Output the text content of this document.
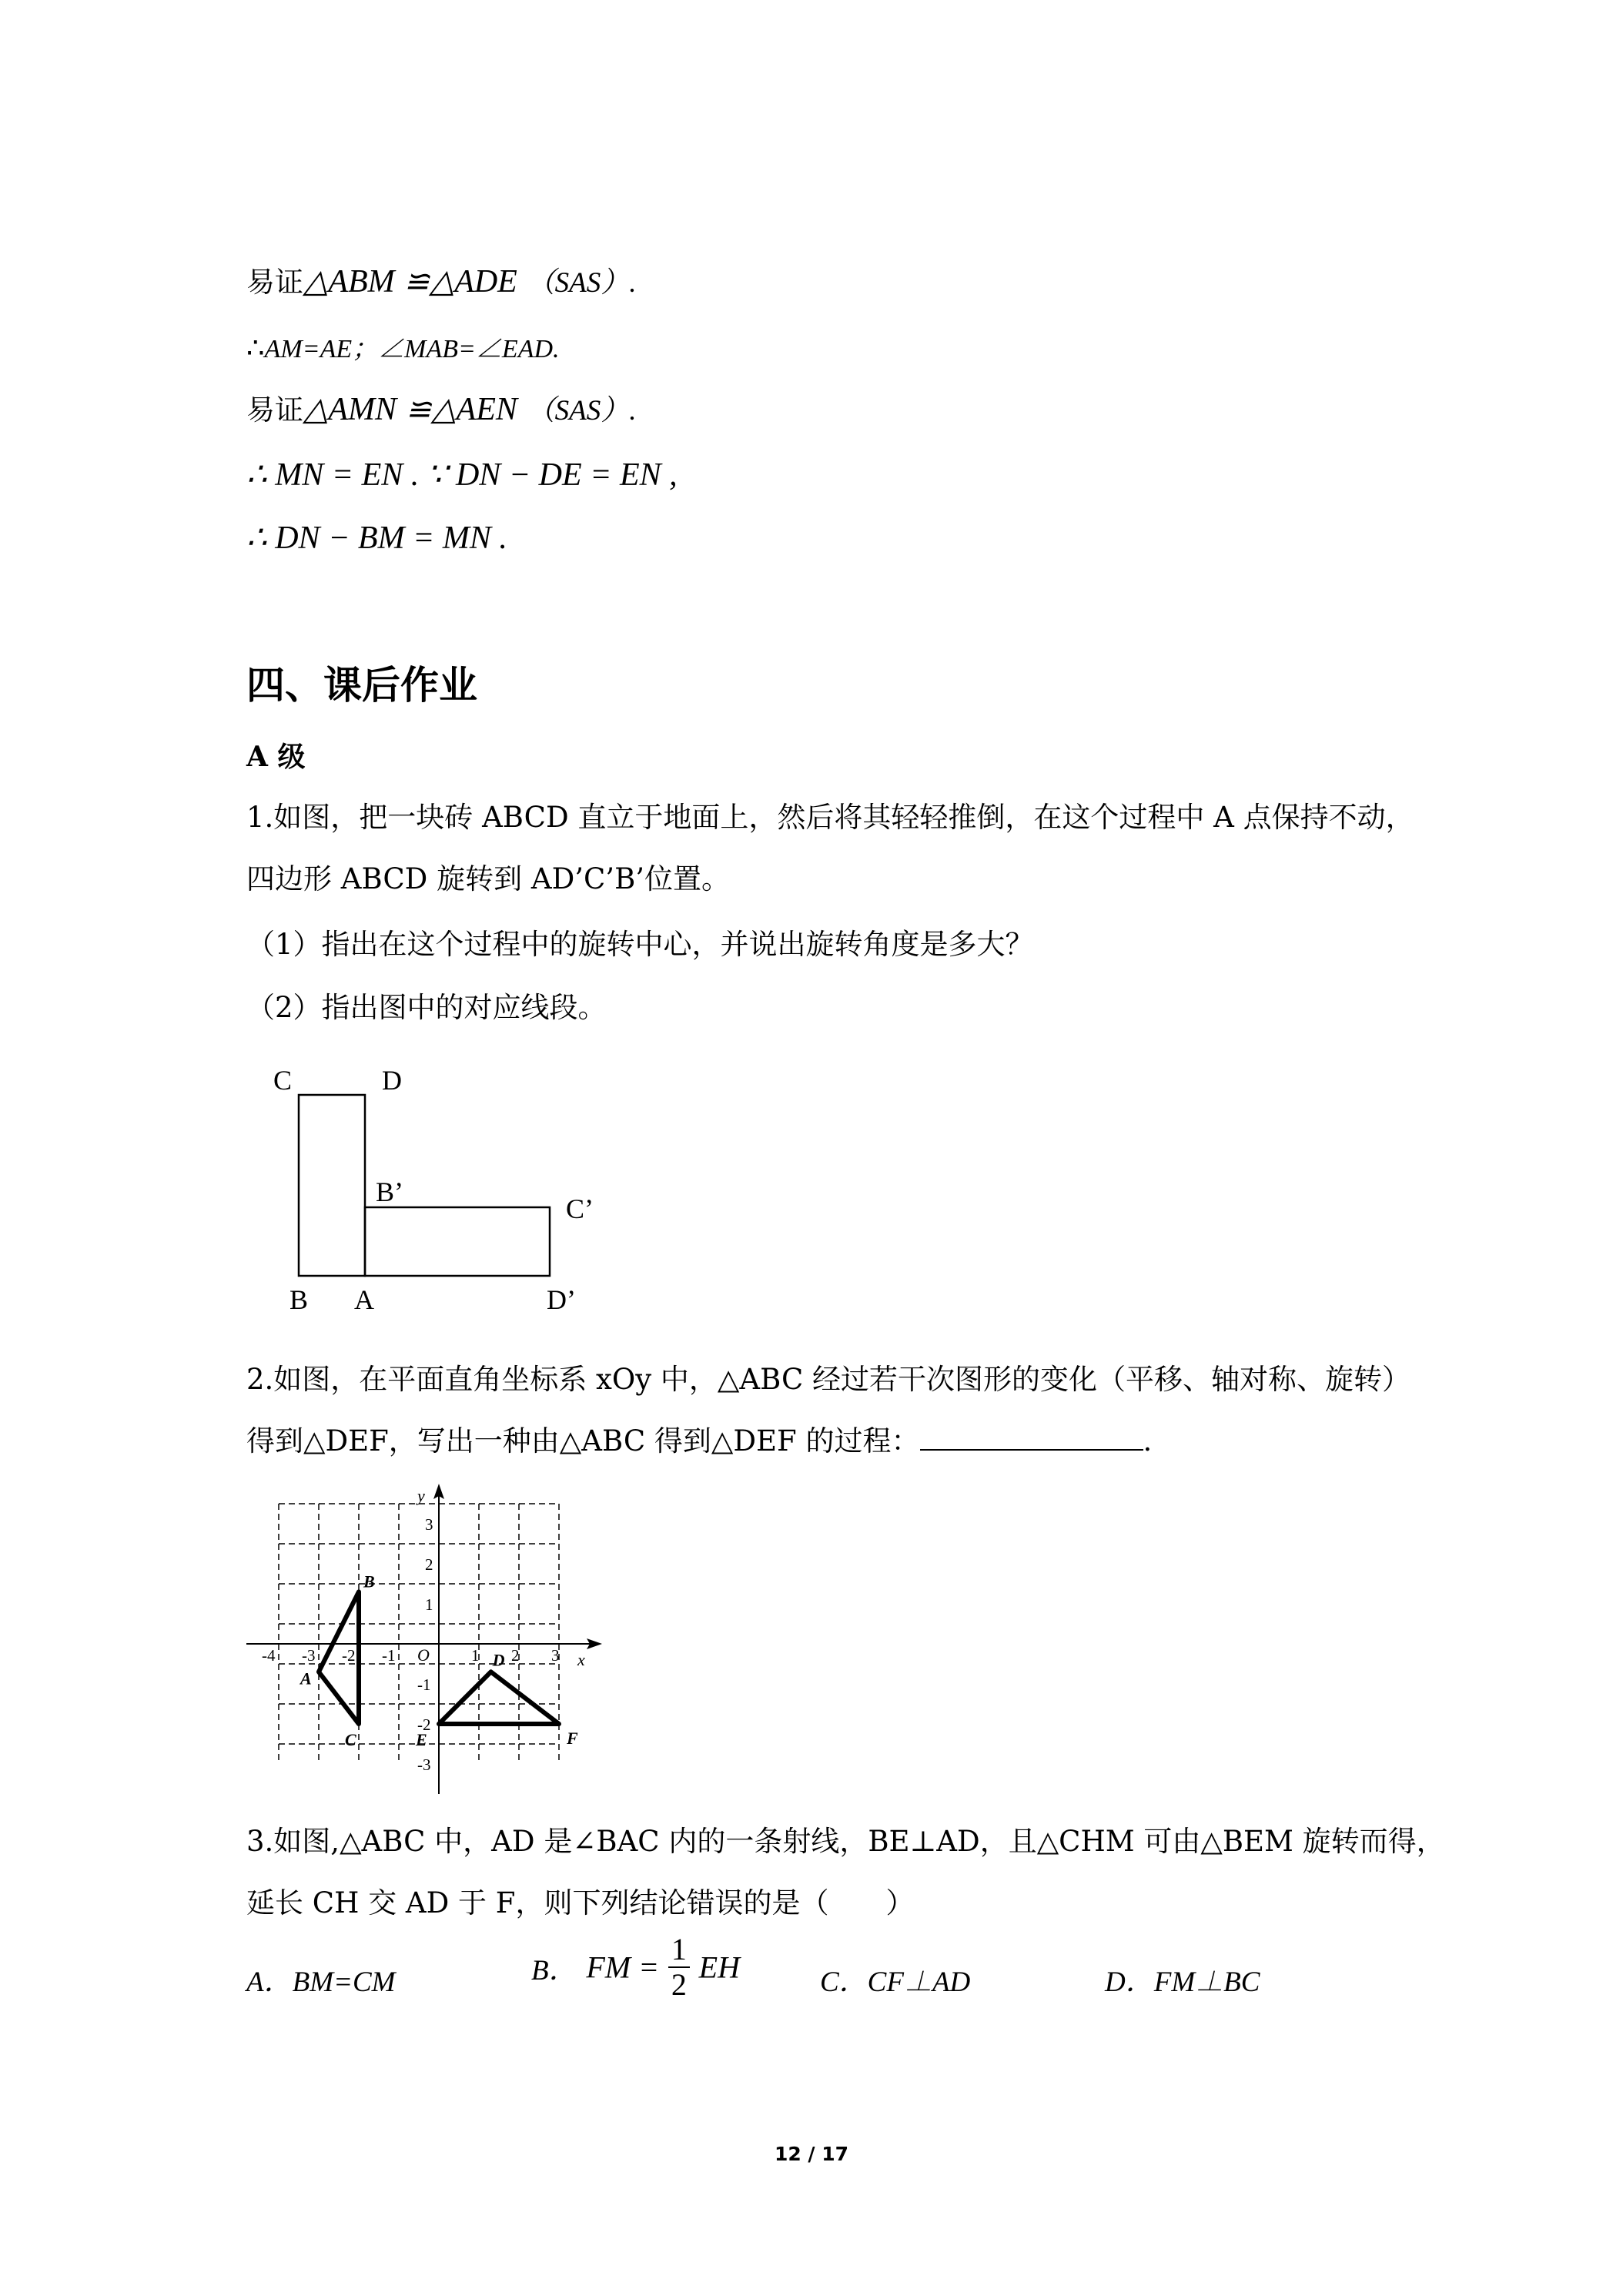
易证△ABM ≌△ADE （SAS）.
∴AM=AE；∠MAB=∠EAD.
易证△AMN ≌△AEN （SAS）.
∴ MN = EN . ∵ DN − DE = EN ,
∴ DN − BM = MN .
四、课后作业
A 级
1.如图，把一块砖 ABCD 直立于地面上，然后将其轻轻推倒，在这个过程中 A 点保持不动，
四边形 ABCD 旋转到 AD’C’B’位置。
（1）指出在这个过程中的旋转中心，并说出旋转角度是多大？
（2）指出图中的对应线段。
C	D
B’
C’
B A	D’
2.如图，在平面直角坐标系 xOy 中，△ABC 经过若干次图形的变化（平移、轴对称、旋转）
得到△DEF，写出一种由△ABC 得到△DEF 的过程：	.
x
y
O
-4 -3 -2 -1	1 2 3
3
2
1
-1
-2
-3
A
B
C
D
E	F
3.如图,△ABC 中，AD 是∠BAC 内的一条射线，BE⊥AD，且△CHM 可由△BEM 旋转而得，
延长 CH 交 AD 于 F，则下列结论错误的是（　　）
A．BM=CM	B． FM = $\frac{1}{2}$ EH	C．CF⊥AD	D．FM⊥BC
12 / 17
